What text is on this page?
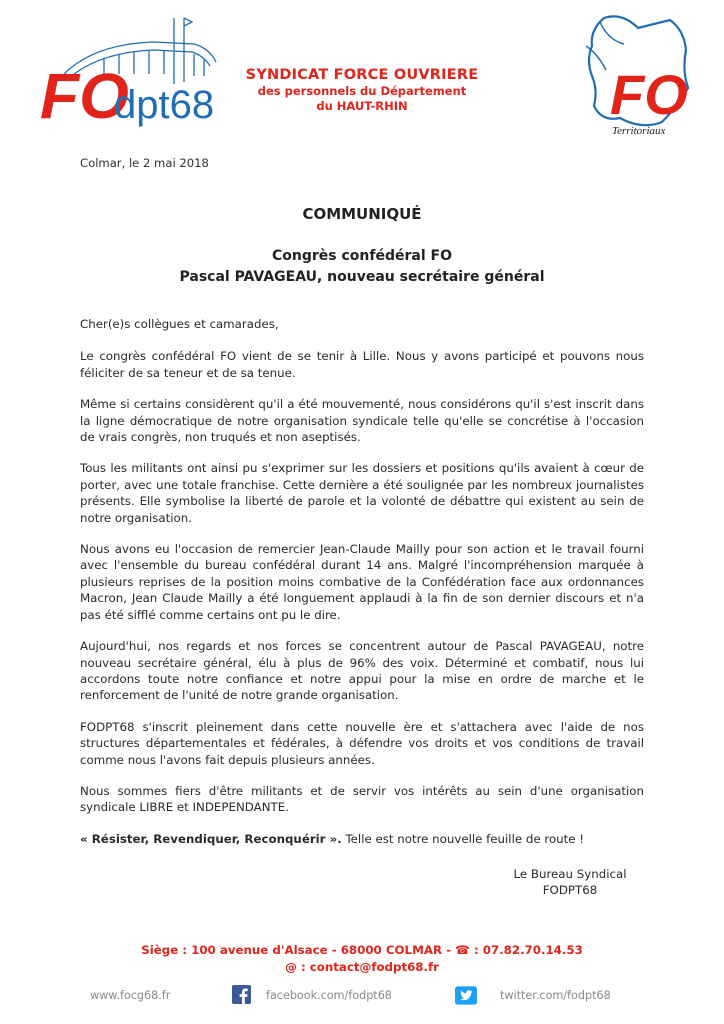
FO
dpt68
SYNDICAT FORCE OUVRIERE
des personnels du Département
du HAUT-RHIN	FO
Territoriaux
Colmar, le 2 mai 2018
COMMUNIQUÉ
Congrès confédéral FO
Pascal PAVAGEAU, nouveau secrétaire général

Cher(e)s collègues et camarades,

Le congrès confédéral FO vient de se tenir à Lille. Nous y avons participé et pouvons nous féliciter de sa teneur et de sa tenue.

Même si certains considèrent qu'il a été mouvementé, nous considérons qu'il s'est inscrit dans la ligne démocratique de notre organisation syndicale telle qu'elle se concrétise à l'occasion de vrais congrès, non truqués et non aseptisés.

Tous les militants ont ainsi pu s'exprimer sur les dossiers et positions qu'ils avaient à cœur de porter, avec une totale franchise. Cette dernière a été soulignée par les nombreux journalistes présents. Elle symbolise la liberté de parole et la volonté de débattre qui existent au sein de notre organisation.

Nous avons eu l'occasion de remercier Jean-Claude Mailly pour son action et le travail fourni avec l'ensemble du bureau confédéral durant 14 ans. Malgré l'incompréhension marquée à plusieurs reprises de la position moins combative de la Confédération face aux ordonnances Macron, Jean Claude Mailly a été longuement applaudi à la fin de son dernier discours et n'a pas été sifflé comme certains ont pu le dire.

Aujourd'hui, nos regards et nos forces se concentrent autour de Pascal PAVAGEAU, notre nouveau secrétaire général, élu à plus de 96% des voix. Déterminé et combatif, nous lui accordons toute notre confiance et notre appui pour la mise en ordre de marche et le renforcement de l'unité de notre grande organisation.

FODPT68 s'inscrit pleinement dans cette nouvelle ère et s'attachera avec l'aide de nos structures départementales et fédérales, à défendre vos droits et vos conditions de travail comme nous l'avons fait depuis plusieurs années.

Nous sommes fiers d'être militants et de servir vos intérêts au sein d'une organisation syndicale LIBRE et INDEPENDANTE.

« Résister, Revendiquer, Reconquérir ». Telle est notre nouvelle feuille de route !

Le Bureau Syndical
FODPT68
Siège : 100 avenue d'Alsace - 68000 COLMAR - ☎ : 07.82.70.14.53
@ : contact@fodpt68.fr
www.focg68.fr	facebook.com/fodpt68	twitter.com/fodpt68
